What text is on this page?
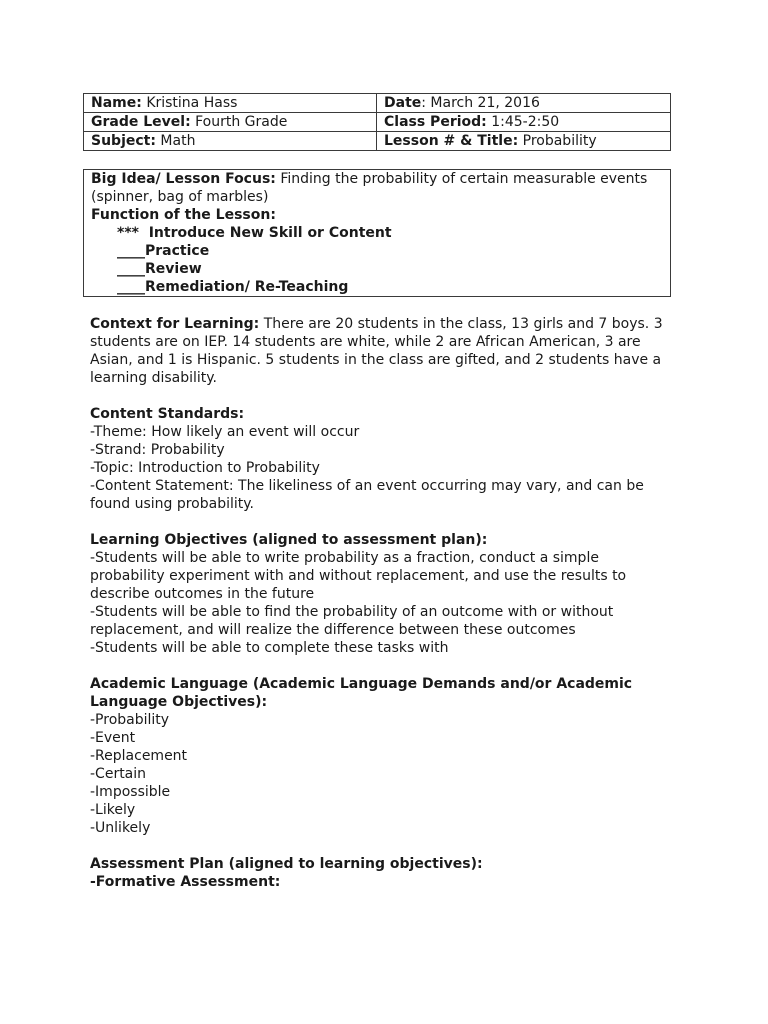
Name: Kristina Hass	Date: March 21, 2016
Grade Level: Fourth Grade	Class Period: 1:45-2:50
Subject: Math	Lesson # & Title: Probability

Big Idea/ Lesson Focus: Finding the probability of certain measurable events (spinner, bag of marbles)

Function of the Lesson:
***  Introduce New Skill or Content
____Practice
____Review
____Remediation/ Re-Teaching

Context for Learning: There are 20 students in the class, 13 girls and 7 boys. 3 students are on IEP. 14 students are white, while 2 are African American, 3 are Asian, and 1 is Hispanic. 5 students in the class are gifted, and 2 students have a learning disability.

Content Standards:
-Theme: How likely an event will occur
-Strand: Probability
-Topic: Introduction to Probability
-Content Statement: The likeliness of an event occurring may vary, and can be found using probability.
Learning Objectives (aligned to assessment plan):
-Students will be able to write probability as a fraction, conduct a simple probability experiment with and without replacement, and use the results to describe outcomes in the future
-Students will be able to find the probability of an outcome with or without replacement, and will realize the difference between these outcomes
-Students will be able to complete these tasks with
Academic Language (Academic Language Demands and/or Academic Language Objectives):
-Probability
-Event
-Replacement
-Certain
-Impossible
-Likely
-Unlikely
Assessment Plan (aligned to learning objectives):
-Formative Assessment:
